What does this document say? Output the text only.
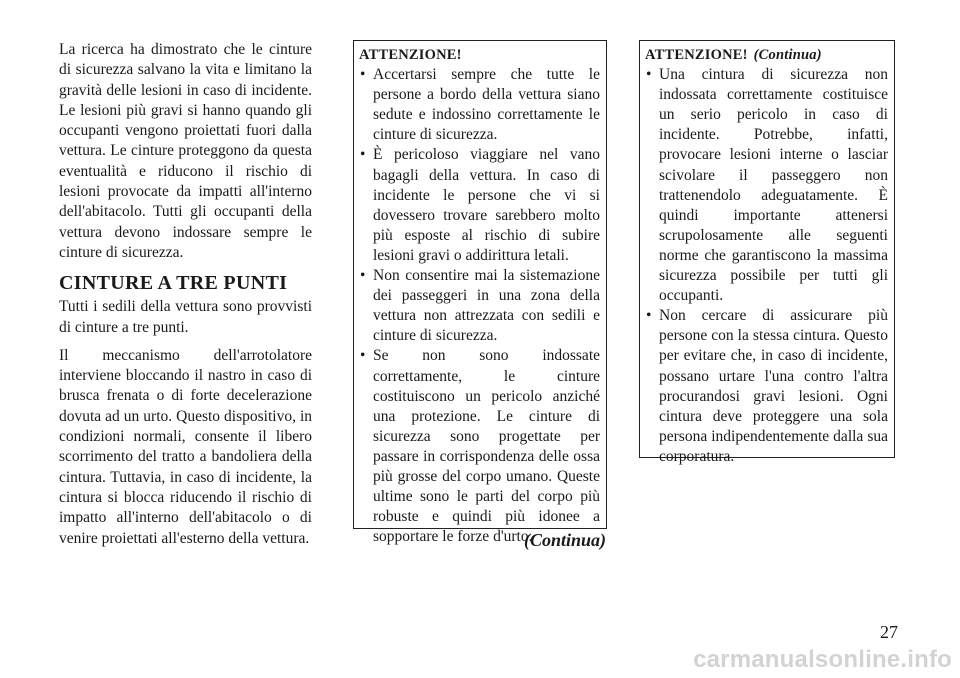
La ricerca ha dimostrato che le cinture di sicurezza salvano la vita e limitano la gravità delle lesioni in caso di incidente. Le lesioni più gravi si hanno quando gli occupanti vengono proiettati fuori dalla vettura. Le cinture proteggono da questa eventualità e riducono il rischio di lesioni provocate da impatti all'interno dell'abitacolo. Tutti gli occupanti della vettura devono indossare sempre le cinture di sicurezza.

CINTURE A TRE PUNTI

Tutti i sedili della vettura sono provvisti di cinture a tre punti.

Il meccanismo dell'arrotolatore interviene bloccando il nastro in caso di brusca frenata o di forte decelerazione dovuta ad un urto. Questo dispositivo, in condizioni normali, consente il libero scorrimento del tratto a bandoliera della cintura. Tuttavia, in caso di incidente, la cintura si blocca riducendo il rischio di impatto all'interno dell'abitacolo o di venire proiettati all'esterno della vettura.

ATTENZIONE!
• Accertarsi sempre che tutte le persone a bordo della vettura siano sedute e indossino correttamente le cinture di sicurezza.
• È pericoloso viaggiare nel vano bagagli della vettura. In caso di incidente le persone che vi si dovessero trovare sarebbero molto più esposte al rischio di subire lesioni gravi o addirittura letali.
• Non consentire mai la sistemazione dei passeggeri in una zona della vettura non attrezzata con sedili e cinture di sicurezza.
• Se non sono indossate correttamente, le cinture costituiscono un pericolo anziché una protezione. Le cinture di sicurezza sono progettate per passare in corrispondenza delle ossa più grosse del corpo umano. Queste ultime sono le parti del corpo più robuste e quindi più idonee a sopportare le forze d'urto.
(Continua)
ATTENZIONE! (Continua)
• Una cintura di sicurezza non indossata correttamente costituisce un serio pericolo in caso di incidente. Potrebbe, infatti, provocare lesioni interne o lasciar scivolare il passeggero non trattenendolo adeguatamente. È quindi importante attenersi scrupolosamente alle seguenti norme che garantiscono la massima sicurezza possibile per tutti gli occupanti.
• Non cercare di assicurare più persone con la stessa cintura. Questo per evitare che, in caso di incidente, possano urtare l'una contro l'altra procurandosi gravi lesioni. Ogni cintura deve proteggere una sola persona indipendentemente dalla sua corporatura.
27
carmanualsonline.info
